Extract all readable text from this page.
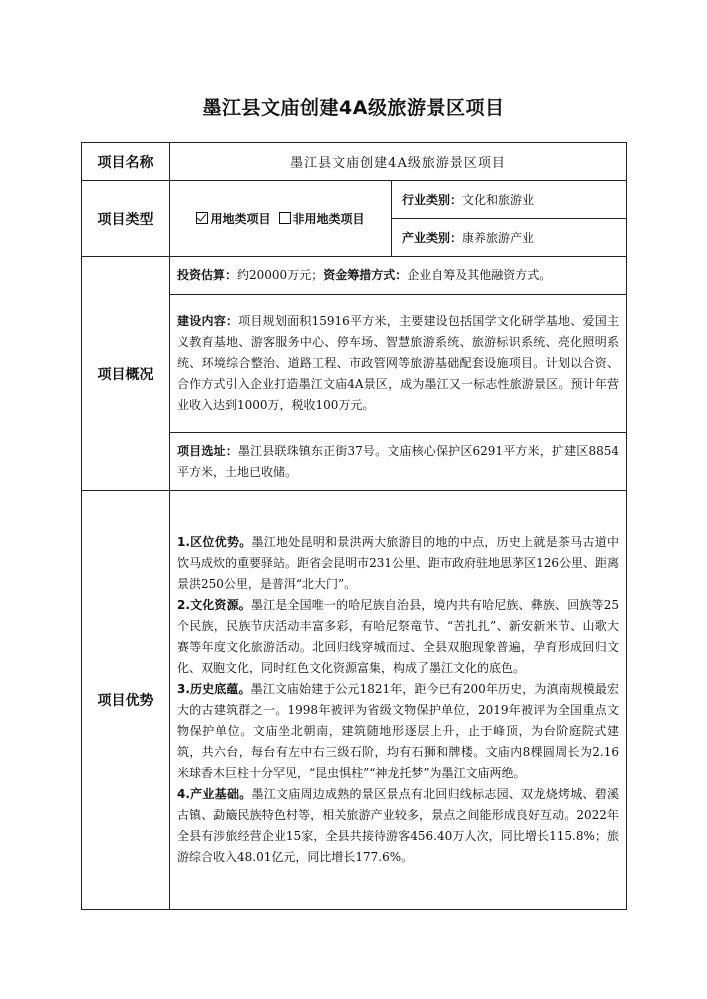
墨江县文庙创建4A级旅游景区项目
项目名称	墨江县文庙创建4A级旅游景区项目	

项目类型	用地类项目 非用地类项目	行业类别：文化和旅游业

		产业类别：康养旅游产业

项目概况	投资估算：约20000万元；资金筹措方式：企业自筹及其他融资方式。	

	建设内容：项目规划面积15916平方米，主要建设包括国学文化研学基地、爱国主义教育基地、游客服务中心、停车场、智慧旅游系统、旅游标识系统、亮化照明系统、环境综合整治、道路工程、市政管网等旅游基础配套设施项目。计划以合资、合作方式引入企业打造墨江文庙4A景区，成为墨江又一标志性旅游景区。预计年营业收入达到1000万，税收100万元。	

	项目选址：墨江县联珠镇东正街37号。文庙核心保护区6291平方米，扩建区8854平方米，土地已收储。	

项目优势	1.区位优势。墨江地处昆明和景洪两大旅游目的地的中点，历史上就是茶马古道中饮马成炊的重要驿站。距省会昆明市231公里、距市政府驻地思茅区126公里、距离景洪250公里，是普洱“北大门”。
2.文化资源。墨江是全国唯一的哈尼族自治县，境内共有哈尼族、彝族、回族等25个民族，民族节庆活动丰富多彩，有哈尼祭竜节、“苦扎扎”、新安新米节、山歌大赛等年度文化旅游活动。北回归线穿城而过、全县双胞现象普遍，孕育形成回归文化、双胞文化，同时红色文化资源富集，构成了墨江文化的底色。
3.历史底蕴。墨江文庙始建于公元1821年，距今已有200年历史，为滇南规模最宏大的古建筑群之一。1998年被评为省级文物保护单位，2019年被评为全国重点文物保护单位。文庙坐北朝南，建筑随地形逐层上升，止于峰顶，为台阶庭院式建筑，共六台，每台有左中右三级石阶，均有石狮和牌楼。文庙内8棵圆周长为2.16米球香木巨柱十分罕见，“昆虫惧柱”“神龙托梦”为墨江文庙两绝。
4.产业基础。墨江文庙周边成熟的景区景点有北回归线标志园、双龙烧烤城、碧溪古镇、勐簸民族特色村等，相关旅游产业较多，景点之间能形成良好互动。2022年全县有涉旅经营企业15家，全县共接待游客456.40万人次，同比增长115.8%；旅游综合收入48.01亿元，同比增长177.6%。	
